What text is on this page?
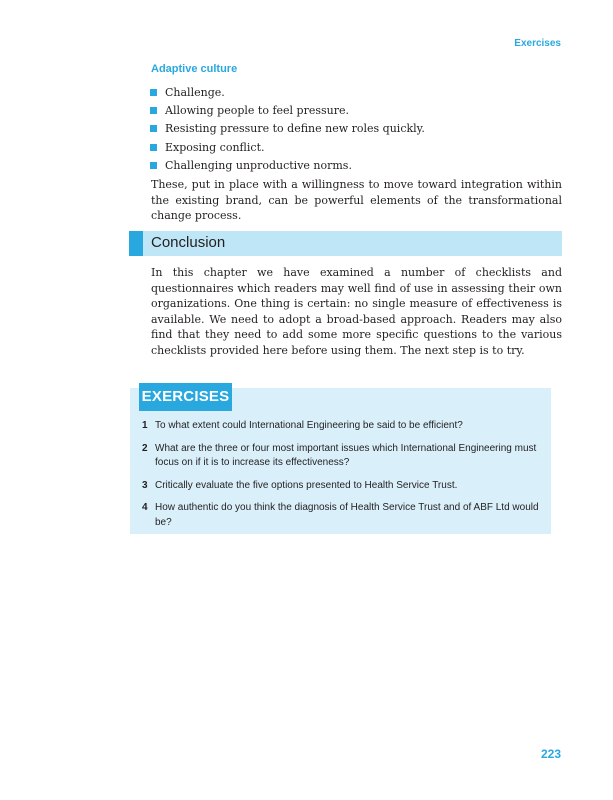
Exercises
Adaptive culture
Challenge.
Allowing people to feel pressure.
Resisting pressure to define new roles quickly.
Exposing conflict.
Challenging unproductive norms.

These, put in place with a willingness to move toward integration within the existing brand, can be powerful elements of the transformational change process.

Conclusion

In this chapter we have examined a number of checklists and questionnaires which readers may well find of use in assessing their own organizations. One thing is certain: no single measure of effectiveness is available. We need to adopt a broad-based approach. Readers may also find that they need to add some more specific questions to the various checklists provided here before using them. The next step is to try.

EXERCISES
1 To what extent could International Engineering be said to be efficient?
2 What are the three or four most important issues which International Engineering must focus on if it is to increase its effectiveness?
3 Critically evaluate the five options presented to Health Service Trust.
4 How authentic do you think the diagnosis of Health Service Trust and of ABF Ltd would be?
223
